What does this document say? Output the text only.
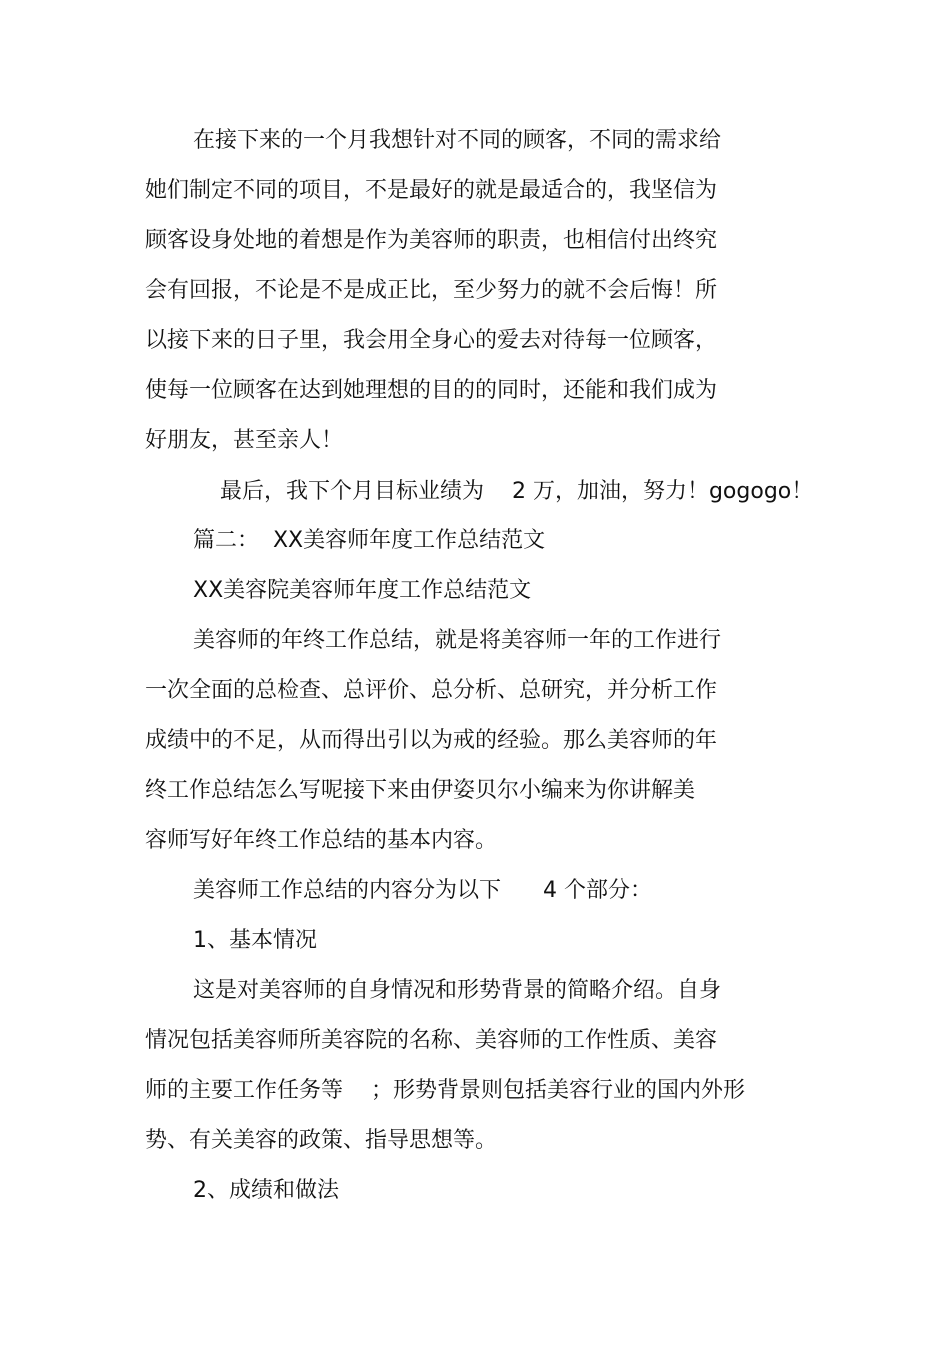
在接下来的一个月我想针对不同的顾客，不同的需求给
她们制定不同的项目，不是最好的就是最适合的，我坚信为
顾客设身处地的着想是作为美容师的职责，也相信付出终究
会有回报，不论是不是成正比，至少努力的就不会后悔！所
以接下来的日子里，我会用全身心的爱去对待每一位顾客，
使每一位顾客在达到她理想的目的的同时，还能和我们成为
好朋友，甚至亲人！
最后，我下个月目标业绩为    2 万，加油，努力！gogogo！
篇二：  XX美容师年度工作总结范文
XX美容院美容师年度工作总结范文
美容师的年终工作总结，就是将美容师一年的工作进行
一次全面的总检查、总评价、总分析、总研究，并分析工作
成绩中的不足，从而得出引以为戒的经验。那么美容师的年
终工作总结怎么写呢接下来由伊姿贝尔小编来为你讲解美
容师写好年终工作总结的基本内容。
美容师工作总结的内容分为以下      4 个部分：
1、基本情况
这是对美容师的自身情况和形势背景的简略介绍。自身
情况包括美容师所美容院的名称、美容师的工作性质、美容
师的主要工作任务等    ；形势背景则包括美容行业的国内外形
势、有关美容的政策、指导思想等。
2、成绩和做法
